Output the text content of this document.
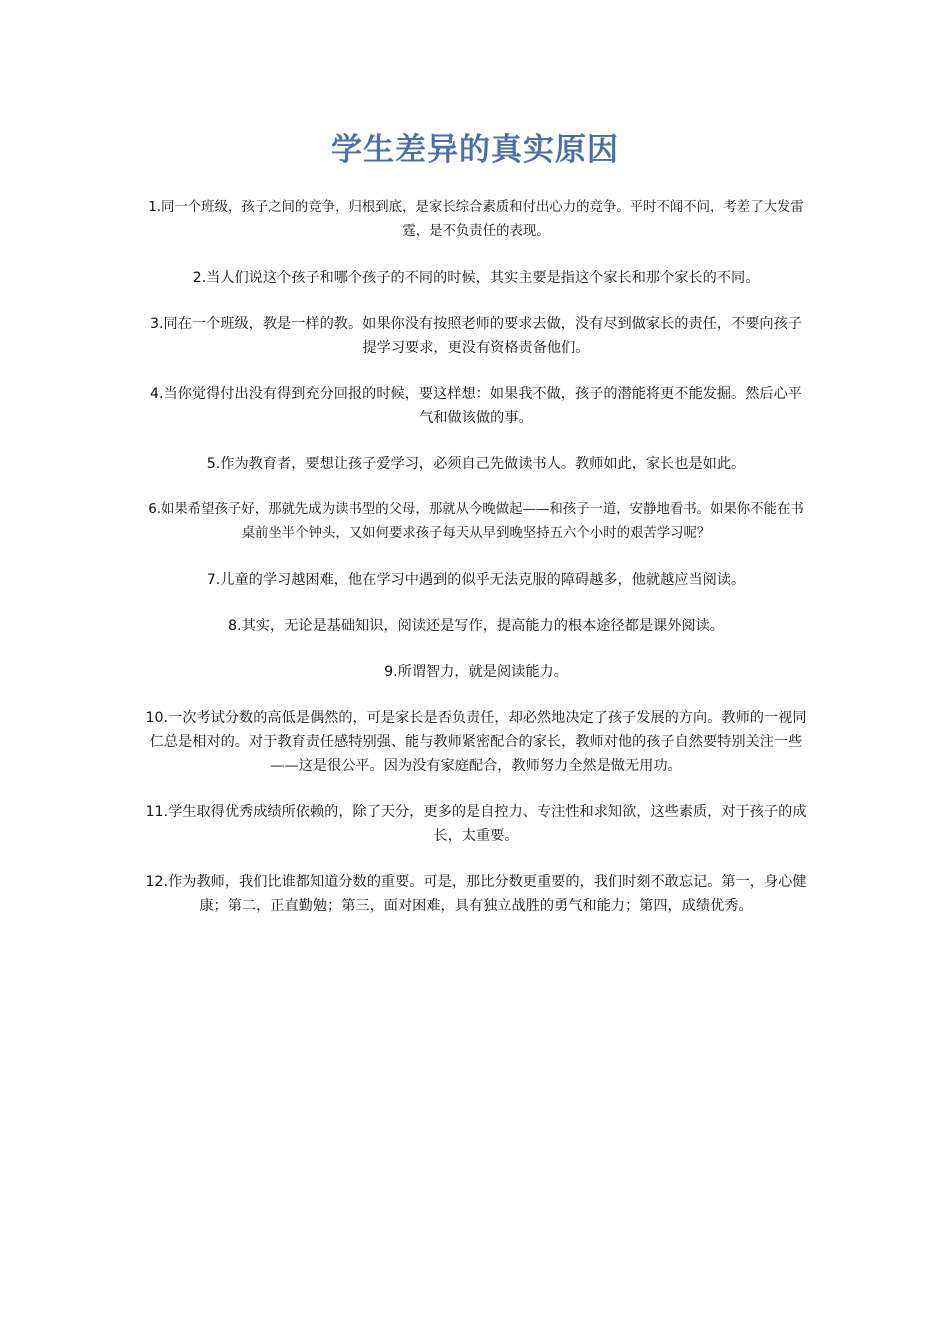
学生差异的真实原因

1.同一个班级，孩子之间的竞争，归根到底，是家长综合素质和付出心力的竞争。平时不闻不问，考差了大发雷霆，是不负责任的表现。

2.当人们说这个孩子和哪个孩子的不同的时候，其实主要是指这个家长和那个家长的不同。

3.同在一个班级，教是一样的教。如果你没有按照老师的要求去做，没有尽到做家长的责任，不要向孩子提学习要求，更没有资格责备他们。

4.当你觉得付出没有得到充分回报的时候，要这样想：如果我不做，孩子的潜能将更不能发掘。然后心平气和做该做的事。

5.作为教育者，要想让孩子爱学习，必须自己先做读书人。教师如此，家长也是如此。

6.如果希望孩子好，那就先成为读书型的父母，那就从今晚做起——和孩子一道，安静地看书。如果你不能在书桌前坐半个钟头，又如何要求孩子每天从早到晚坚持五六个小时的艰苦学习呢？

7.儿童的学习越困难，他在学习中遇到的似乎无法克服的障碍越多，他就越应当阅读。

8.其实，无论是基础知识，阅读还是写作，提高能力的根本途径都是课外阅读。

9.所谓智力，就是阅读能力。

10.一次考试分数的高低是偶然的，可是家长是否负责任，却必然地决定了孩子发展的方向。教师的一视同仁总是相对的。对于教育责任感特别强、能与教师紧密配合的家长，教师对他的孩子自然要特别关注一些——这是很公平。因为没有家庭配合，教师努力全然是做无用功。

11.学生取得优秀成绩所依赖的，除了天分，更多的是自控力、专注性和求知欲，这些素质，对于孩子的成长，太重要。

12.作为教师，我们比谁都知道分数的重要。可是，那比分数更重要的，我们时刻不敢忘记。第一，身心健康；第二，正直勤勉；第三，面对困难，具有独立战胜的勇气和能力；第四，成绩优秀。
